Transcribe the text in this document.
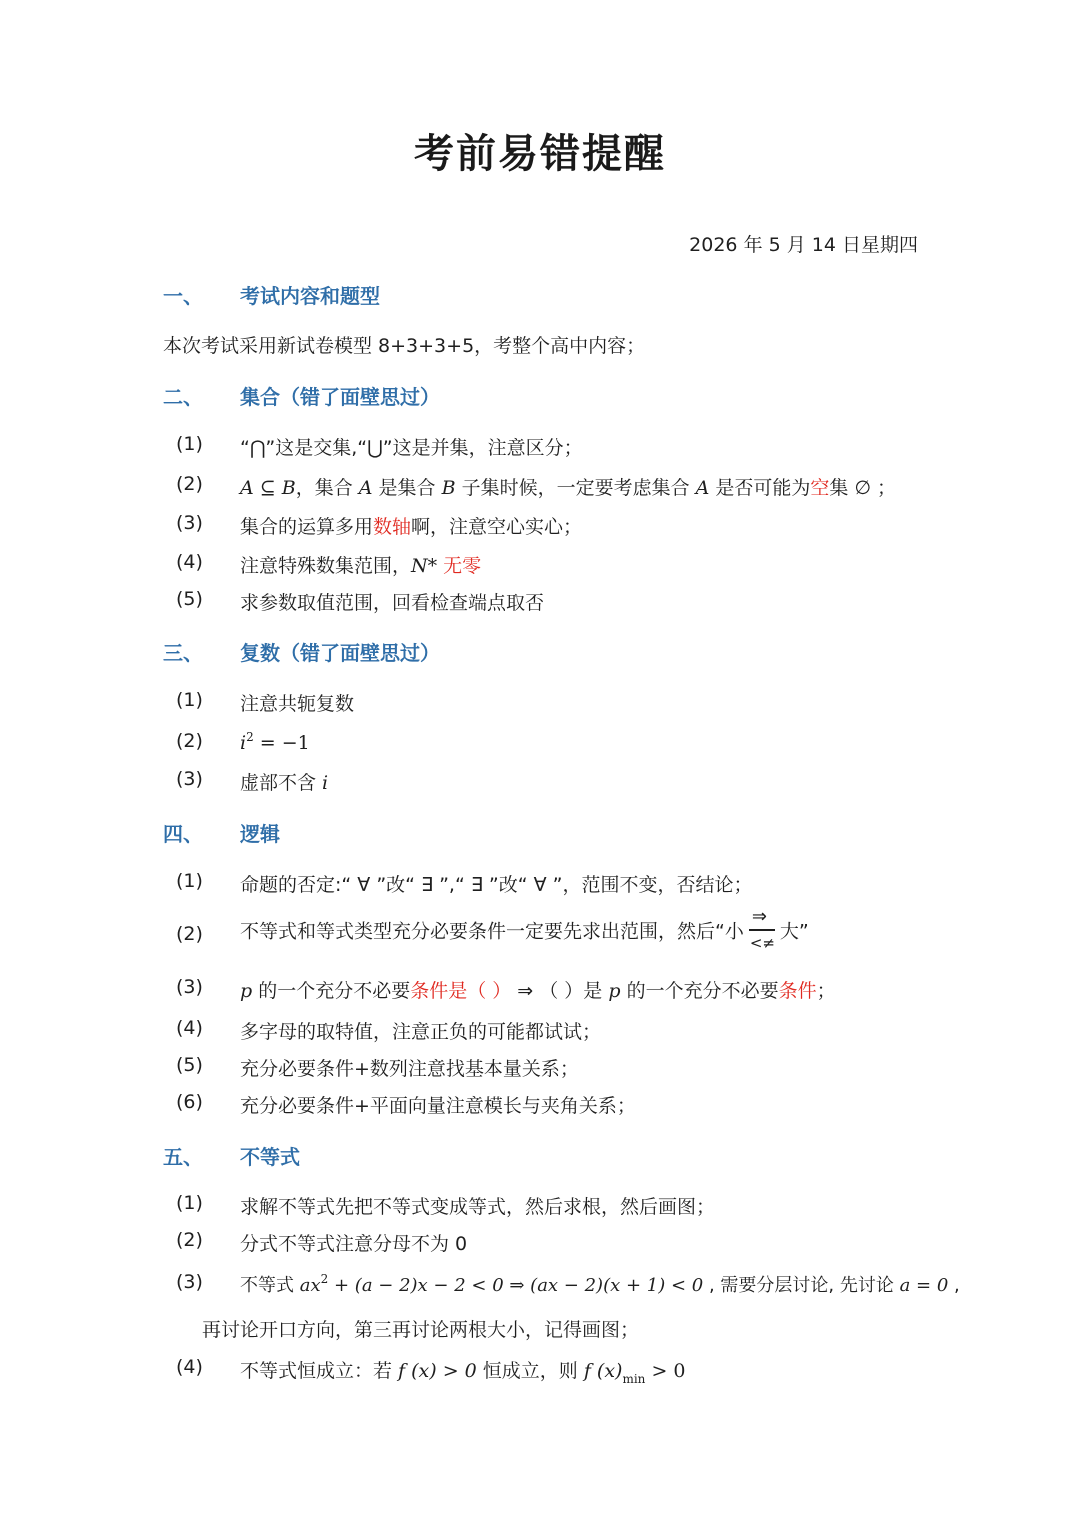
考前易错提醒
2026 年 5 月 14 日星期四
一、 考试内容和题型
本次考试采用新试卷模型 8+3+3+5，考整个高中内容；
二、 集合（错了面壁思过）
(1) “⋂”这是交集,“⋃”这是并集，注意区分；
(2) A ⊆ B，集合 A 是集合 B 子集时候，一定要考虑集合 A 是否可能为空集 ∅ ；
(3) 集合的运算多用数轴啊，注意空心实心；
(4) 注意特殊数集范围，N* 无零
(5) 求参数取值范围，回看检查端点取否
三、 复数（错了面壁思过）
(1) 注意共轭复数
(2) $i^2 = -1$
(3) 虚部不含 i
四、 逻辑
(1) 命题的否定:“ ∀ ”改“ ∃ ”,“ ∃ ”改“ ∀ ”，范围不变，否结论；
(2) 不等式和等式类型充分必要条件一定要先求出范围，然后“小
⇒
<≠
大”
(3) p 的一个充分不必要条件是（ ） ⇒ （ ）是 p 的一个充分不必要条件；
(4) 多字母的取特值，注意正负的可能都试试；
(5) 充分必要条件+数列注意找基本量关系；
(6) 充分必要条件+平面向量注意模长与夹角关系；
五、 不等式
(1) 求解不等式先把不等式变成等式，然后求根，然后画图；
(2) 分式不等式注意分母不为 0
(3) 不等式 $ax^2 + (a - 2)x - 2 < 0$ ⇒ (ax − 2)(x + 1) < 0 , 需要分层讨论, 先讨论 a = 0 ,
再讨论开口方向，第三再讨论两根大小，记得画图；
(4) 不等式恒成立：若 f (x) > 0 恒成立，则 f $(x)_{min} > 0$
